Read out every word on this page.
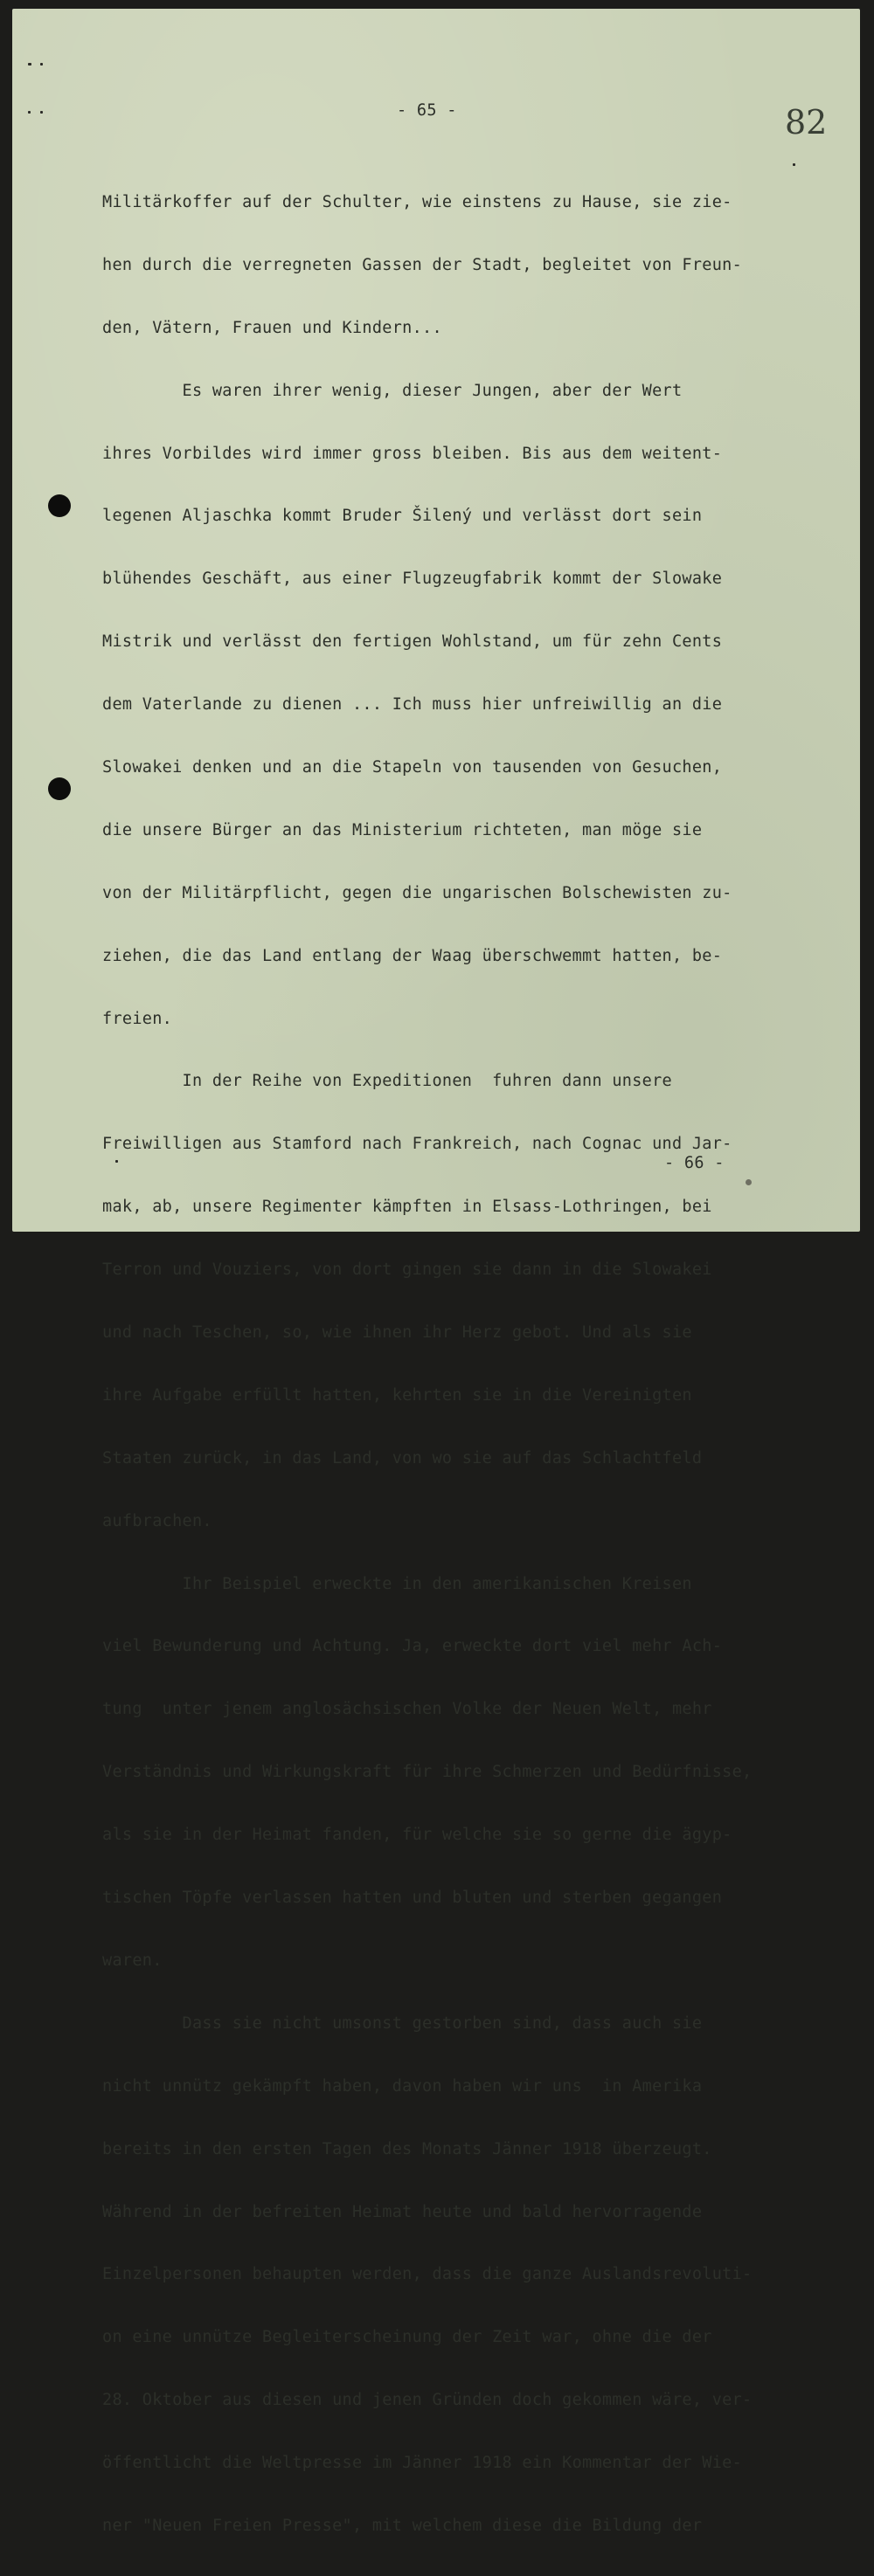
- 65 -	82

Militärkoffer auf der Schulter, wie einstens zu Hause, sie zie-

hen durch die verregneten Gassen der Stadt, begleitet von Freun-

den, Vätern, Frauen und Kindern...

Es waren ihrer wenig, dieser Jungen, aber der Wert

ihres Vorbildes wird immer gross bleiben. Bis aus dem weitent-

legenen Aljaschka kommt Bruder Šilený und verlässt dort sein

blühendes Geschäft, aus einer Flugzeugfabrik kommt der Slowake

Mistrik und verlässt den fertigen Wohlstand, um für zehn Cents

dem Vaterlande zu dienen ... Ich muss hier unfreiwillig an die

Slowakei denken und an die Stapeln von tausenden von Gesuchen,

die unsere Bürger an das Ministerium richteten, man möge sie

von der Militärpflicht, gegen die ungarischen Bolschewisten zu-

ziehen, die das Land entlang der Waag überschwemmt hatten, be-

freien.

In der Reihe von Expeditionen  fuhren dann unsere

Freiwilligen aus Stamford nach Frankreich, nach Cognac und Jar-

mak, ab, unsere Regimenter kämpften in Elsass-Lothringen, bei

Terron und Vouziers, von dort gingen sie dann in die Slowakei

und nach Teschen, so, wie ihnen ihr Herz gebot. Und als sie

ihre Aufgabe erfüllt hatten, kehrten sie in die Vereinigten

Staaten zurück, in das Land, von wo sie auf das Schlachtfeld

aufbrachen.

Ihr Beispiel erweckte in den amerikanischen Kreisen

viel Bewunderung und Achtung. Ja, erweckte dort viel mehr Ach-

tung  unter jenem anglosächsischen Volke der Neuen Welt, mehr

Verständnis und Wirkungskraft für ihre Schmerzen und Bedürfnisse,

als sie in der Heimat fanden, für welche sie so gerne die ägyp-

tischen Töpfe verlassen hatten und bluten und sterben gegangen

waren.

Dass sie nicht umsonst gestorben sind, dass auch sie

nicht unnütz gekämpft haben, davon haben wir uns  in Amerika

bereits in den ersten Tagen des Monats Jänner 1918 überzeugt.

Während in der befreiten Heimat heute und bald hervorragende

Einzelpersonen behaupten werden, dass die ganze Auslandsrevoluti-

on eine unnütze Begleiterscheinung der Zeit war, ohne die der

28. Oktober aus diesen und jenen Gründen doch gekommen wäre, ver-

öffentlicht die Weltpresse im Jänner 1918 ein Kommentar der Wie-

ner "Neuen Freien Presse", mit welchem diese die Bildung der

- 66 -
